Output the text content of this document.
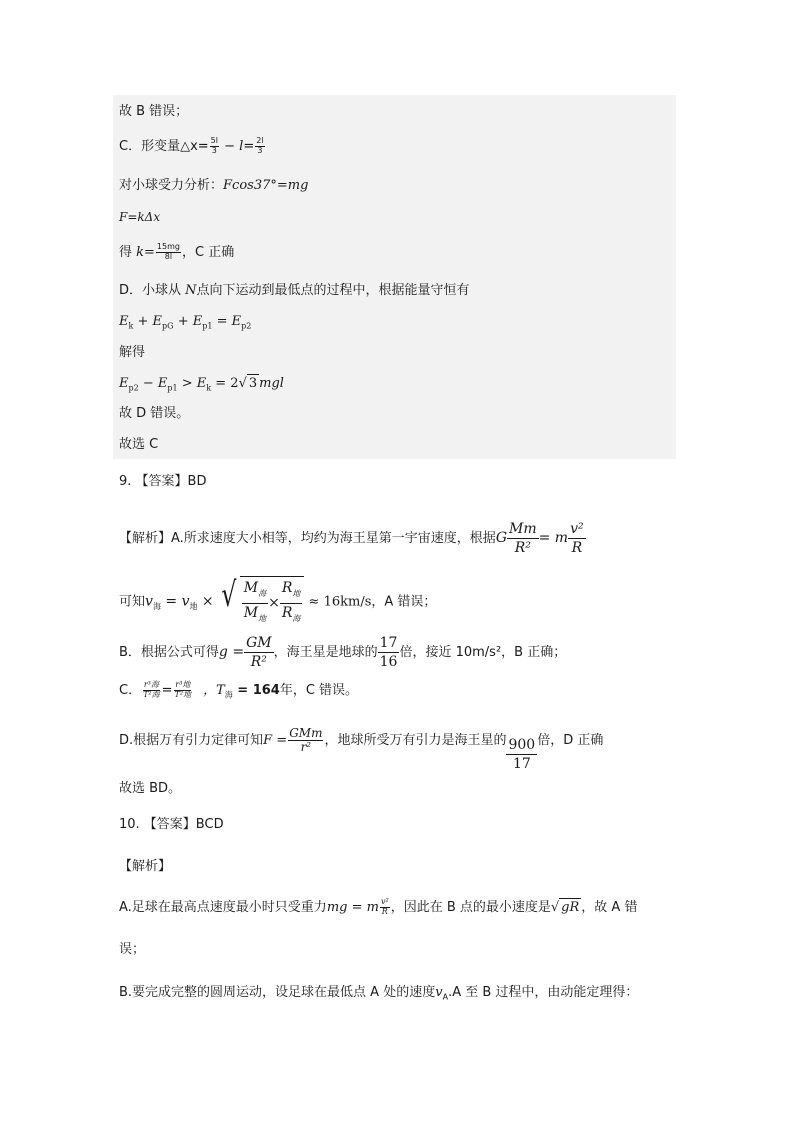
故 B 错误；
C．形变量△x= $\frac{5l}{3} - l= \frac{2l}{3}$
对小球受力分析：Fcos37°=mg
F=kΔx
得 $k= \frac{15mg}{8l}$ ，C 正确
D．小球从 N点向下运动到最低点的过程中，根据能量守恒有
$E_k + E_{pG} + E_{p1} = E_{p2}$
解得
$E_{p2} - E_{p1} > E_k = 2√$ 3 mgl
故 D 错误。
故选 C
9. 【答案】BD
【解析】A.所求速度大小相等，均约为海王星第一宇宙速度，根据G $\frac{Mm}{\text{R²}} = m \frac{\text{v²}}{R}$
可知$v_海 = v_地$ × √ $\frac{M_海}{M_地} \times \frac{R_地}{R_海} \approx 16km/s$，A 错误；
B．根据公式可得$g = \frac{GM}{\text{R²}}$ ，海王星是地球的 $\frac{17}{16}$ 倍，接近 10m/s²，B 正确；
C． $\frac{\text{r³海}}{\text{T²海}} = \frac{\text{r³地}}{\text{T²地}}$ ，$T_海 = 164$年，C 错误。
D.根据万有引力定律可知$F = \frac{\text{GMm}}{\text{r²}}$ ，地球所受万有引力是海王星的 $\frac{900}{17}$ 倍，D 正确
故选 BD。
10. 【答案】BCD
【解析】
A.足球在最高点速度最小时只受重力mg = m $\frac{\text{v²}}{R}$ ，因此在 B 点的最小速度是√ gR ，故 A 错
误；
B.要完成完整的圆周运动，设足球在最低点 A 处的速度$v_A.A$ 至 B 过程中，由动能定理得：
